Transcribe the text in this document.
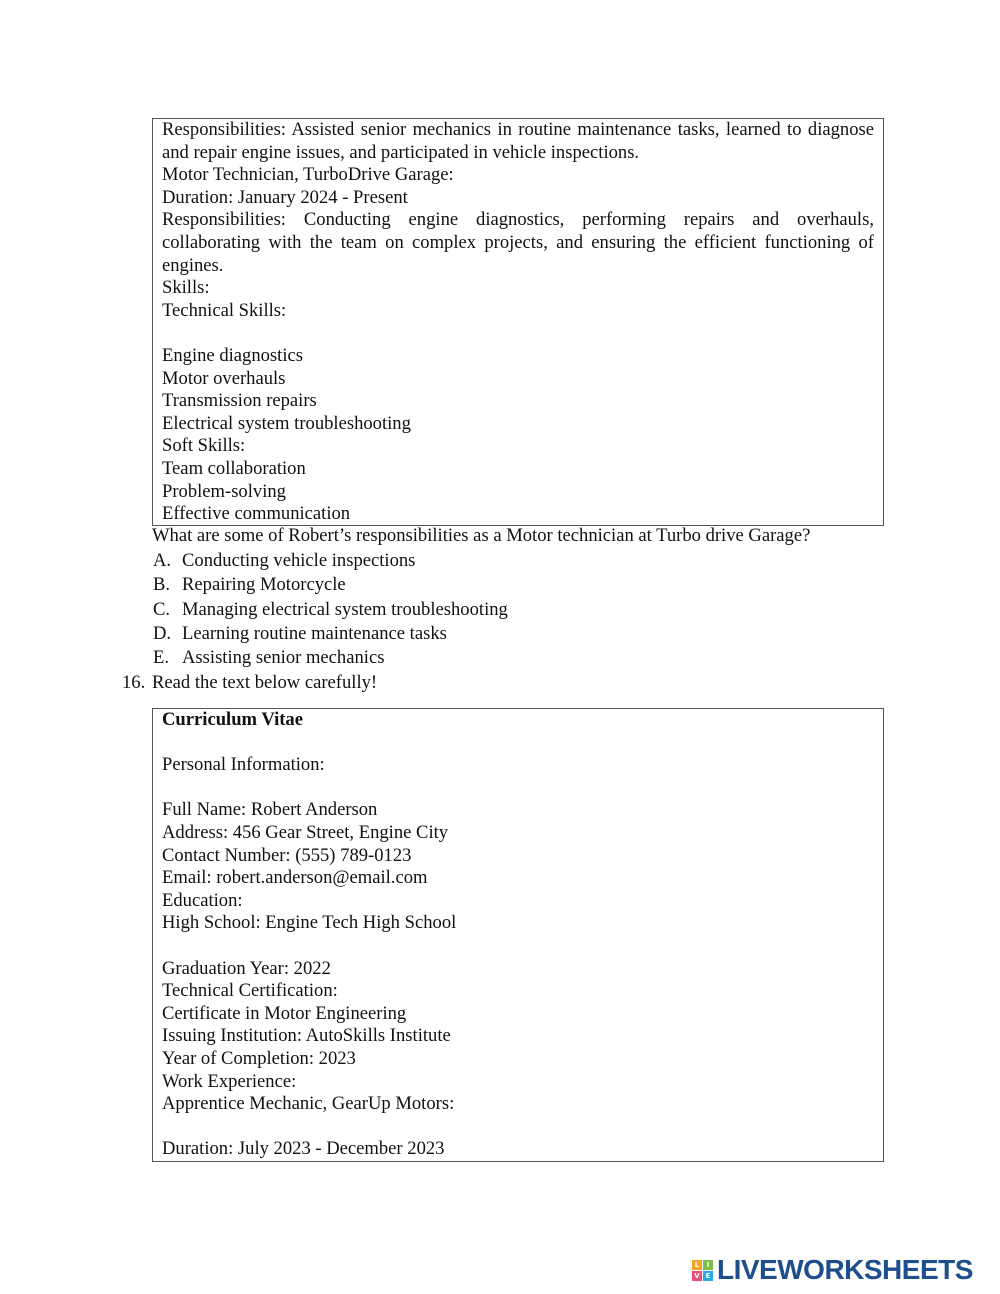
Responsibilities: Assisted senior mechanics in routine maintenance tasks, learned to diagnose and repair engine issues, and participated in vehicle inspections.

Motor Technician, TurboDrive Garage:

Duration: January 2024 - Present

Responsibilities: Conducting engine diagnostics, performing repairs and overhauls, collaborating with the team on complex projects, and ensuring the efficient functioning of engines.

Skills:

Technical Skills:

Engine diagnostics

Motor overhauls

Transmission repairs

Electrical system troubleshooting

Soft Skills:

Team collaboration

Problem-solving

Effective communication

What are some of Robert’s responsibilities as a Motor technician at Turbo drive Garage?

A. Conducting vehicle inspections
B. Repairing Motorcycle
C. Managing electrical system troubleshooting
D. Learning routine maintenance tasks
E. Assisting senior mechanics
16. Read the text below carefully!

Curriculum Vitae

Personal Information:

Full Name: Robert Anderson

Address: 456 Gear Street, Engine City

Contact Number: (555) 789-0123

Email: robert.anderson@email.com

Education:

High School: Engine Tech High School

Graduation Year: 2022

Technical Certification:

Certificate in Motor Engineering

Issuing Institution: AutoSkills Institute

Year of Completion: 2023

Work Experience:

Apprentice Mechanic, GearUp Motors:

Duration: July 2023 - December 2023

L	I
V E LIVEWORKSHEETS
